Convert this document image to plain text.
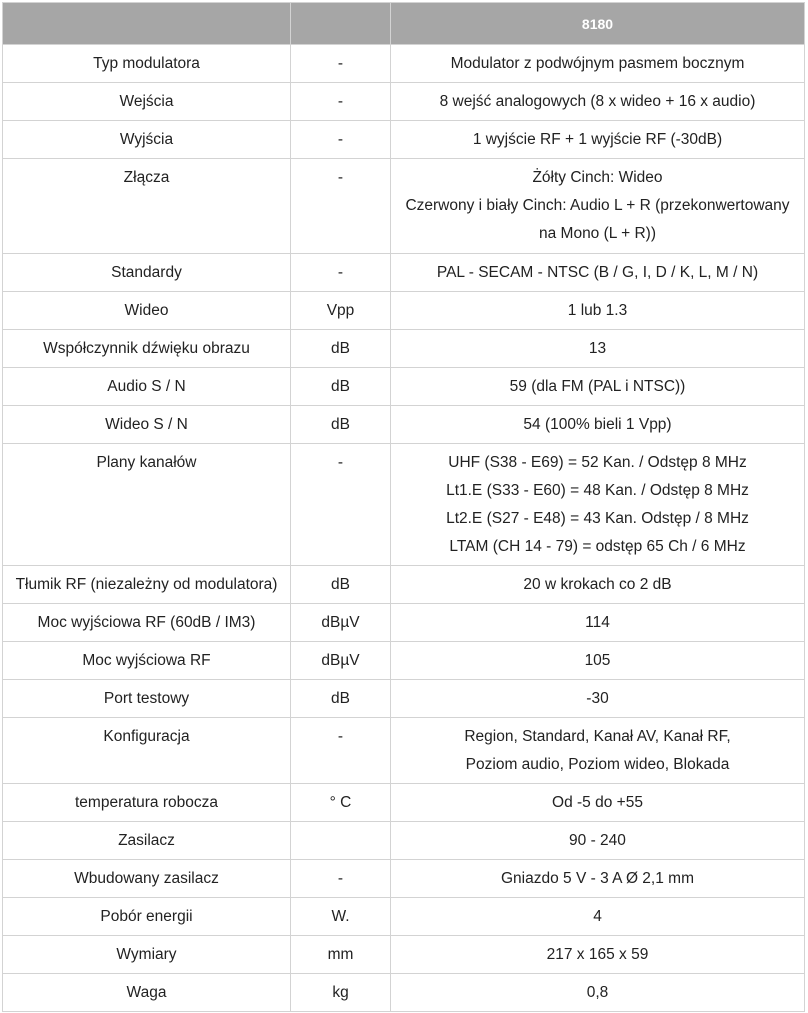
		8180
Typ modulatora	-	Modulator z podwójnym pasmem bocznym

Wejścia	-	8 wejść analogowych (8 x wideo + 16 x audio)

Wyjścia	-	1 wyjście RF + 1 wyjście RF (-30dB)

Złącza	-	Żółty Cinch: Wideo
Czerwony i biały Cinch: Audio L + R (przekonwertowany
na Mono (L + R))

Standardy	-	PAL - SECAM - NTSC (B / G, I, D / K, L, M / N)

Wideo	Vpp	1 lub 1.3

Współczynnik dźwięku obrazu	dB	13

Audio S / N	dB	59 (dla FM (PAL i NTSC))

Wideo S / N	dB	54 (100% bieli 1 Vpp)

Plany kanałów	-	UHF (S38 - E69) = 52 Kan. / Odstęp 8 MHz
Lt1.E (S33 - E60) = 48 Kan. / Odstęp 8 MHz
Lt2.E (S27 - E48) = 43 Kan. Odstęp / 8 MHz
LTAM (CH 14 - 79) = odstęp 65 Ch / 6 MHz

Tłumik RF (niezależny od modulatora)	dB	20 w krokach co 2 dB

Moc wyjściowa RF (60dB / IM3)	dBµV	114

Moc wyjściowa RF	dBµV	105

Port testowy	dB	-30

Konfiguracja	-	Region, Standard, Kanał AV, Kanał RF,
Poziom audio, Poziom wideo, Blokada

temperatura robocza	° C	Od -5 do +55

Zasilacz		90 - 240

Wbudowany zasilacz	-	Gniazdo 5 V - 3 A Ø 2,1 mm

Pobór energii	W.	4

Wymiary	mm	217 x 165 x 59

Waga	kg	0,8
